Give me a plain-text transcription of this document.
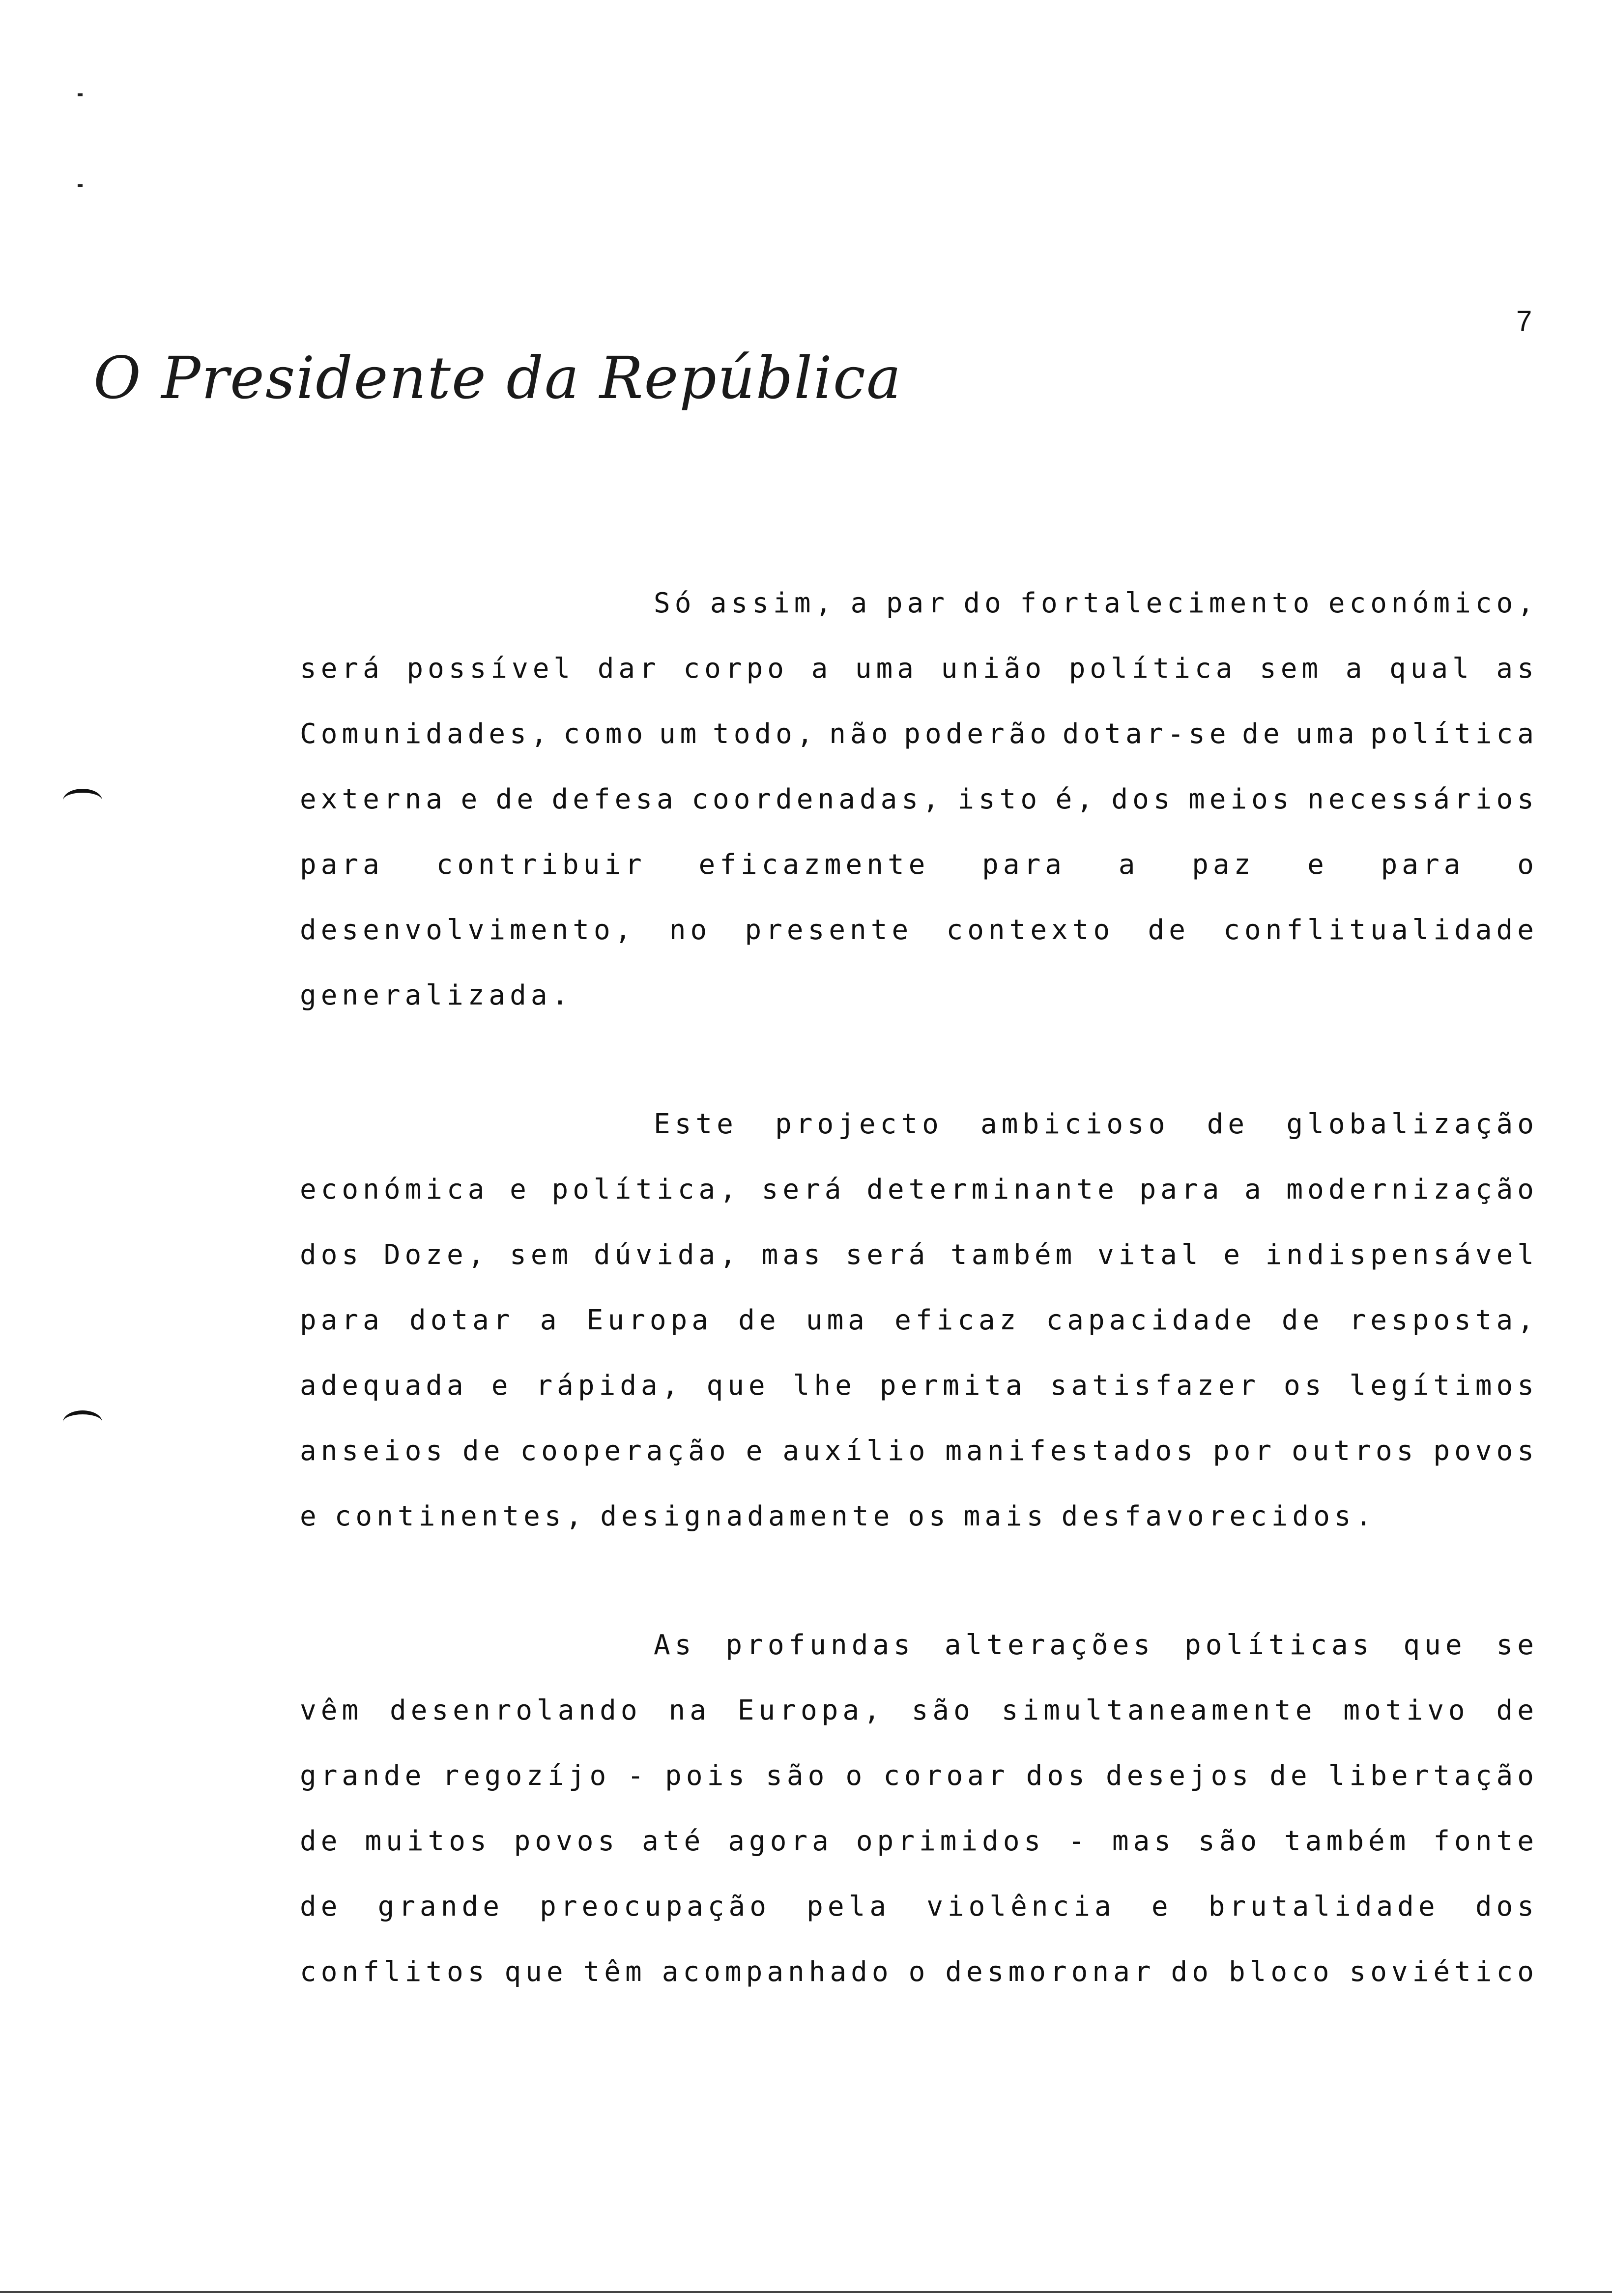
7
O Presidente da República
Só assim, a par do fortalecimento económico,
será possível dar corpo a uma união política sem a qual as
Comunidades, como um todo, não poderão dotar-se de uma política
externa e de defesa coordenadas, isto é, dos meios necessários
para contribuir eficazmente para a paz e para o
desenvolvimento, no presente contexto de conflitualidade
generalizada.
Este projecto ambicioso de globalização
económica e política, será determinante para a modernização
dos Doze, sem dúvida, mas será também vital e indispensável
para dotar a Europa de uma eficaz capacidade de resposta,
adequada e rápida, que lhe permita satisfazer os legítimos
anseios de cooperação e auxílio manifestados por outros povos
e continentes, designadamente os mais desfavorecidos.
As profundas alterações políticas que se
vêm desenrolando na Europa, são simultaneamente motivo de
grande regozíjo - pois são o coroar dos desejos de libertação
de muitos povos até agora oprimidos - mas são também fonte
de grande preocupação pela violência e brutalidade dos
conflitos que têm acompanhado o desmoronar do bloco soviético
